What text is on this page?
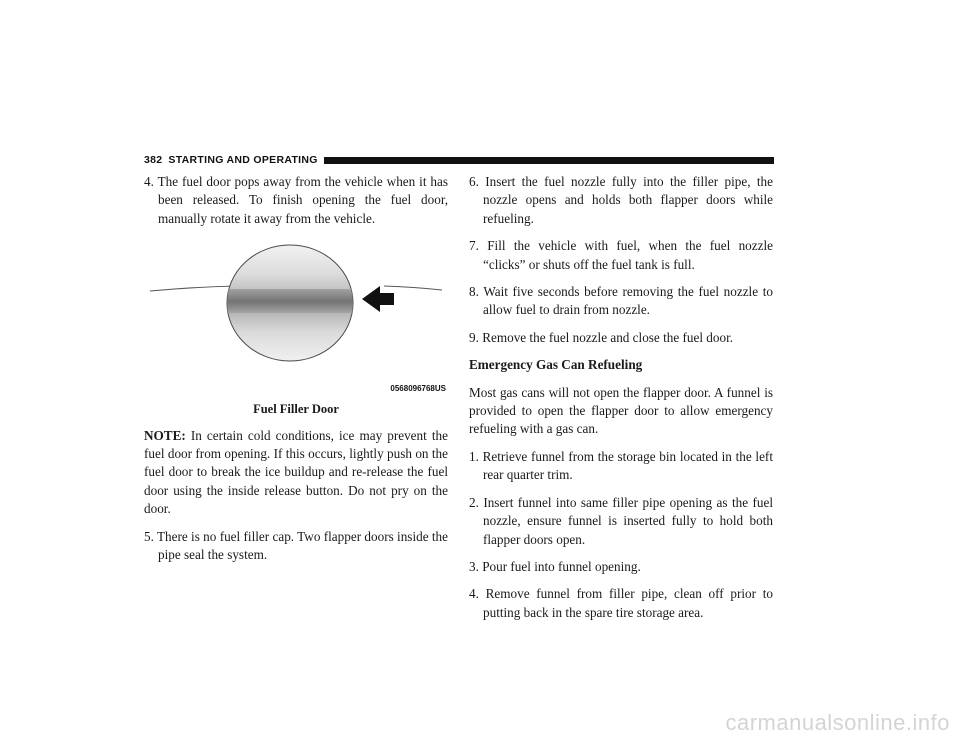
382 STARTING AND OPERATING
4. The fuel door pops away from the vehicle when it has been released. To finish opening the fuel door, manually rotate it away from the vehicle.
0568096768US
Fuel Filler Door
NOTE: In certain cold conditions, ice may prevent the fuel door from opening. If this occurs, lightly push on the fuel door to break the ice buildup and re-release the fuel door using the inside release button. Do not pry on the door.
5. There is no fuel filler cap. Two flapper doors inside the pipe seal the system.
6. Insert the fuel nozzle fully into the filler pipe, the nozzle opens and holds both flapper doors while refueling.
7. Fill the vehicle with fuel, when the fuel nozzle “clicks” or shuts off the fuel tank is full.
8. Wait five seconds before removing the fuel nozzle to allow fuel to drain from nozzle.
9. Remove the fuel nozzle and close the fuel door.
Emergency Gas Can Refueling
Most gas cans will not open the flapper door. A funnel is provided to open the flapper door to allow emergency refueling with a gas can.
1. Retrieve funnel from the storage bin located in the left rear quarter trim.
2. Insert funnel into same filler pipe opening as the fuel nozzle, ensure funnel is inserted fully to hold both flapper doors open.
3. Pour fuel into funnel opening.
4. Remove funnel from filler pipe, clean off prior to putting back in the spare tire storage area.
carmanualsonline.info
